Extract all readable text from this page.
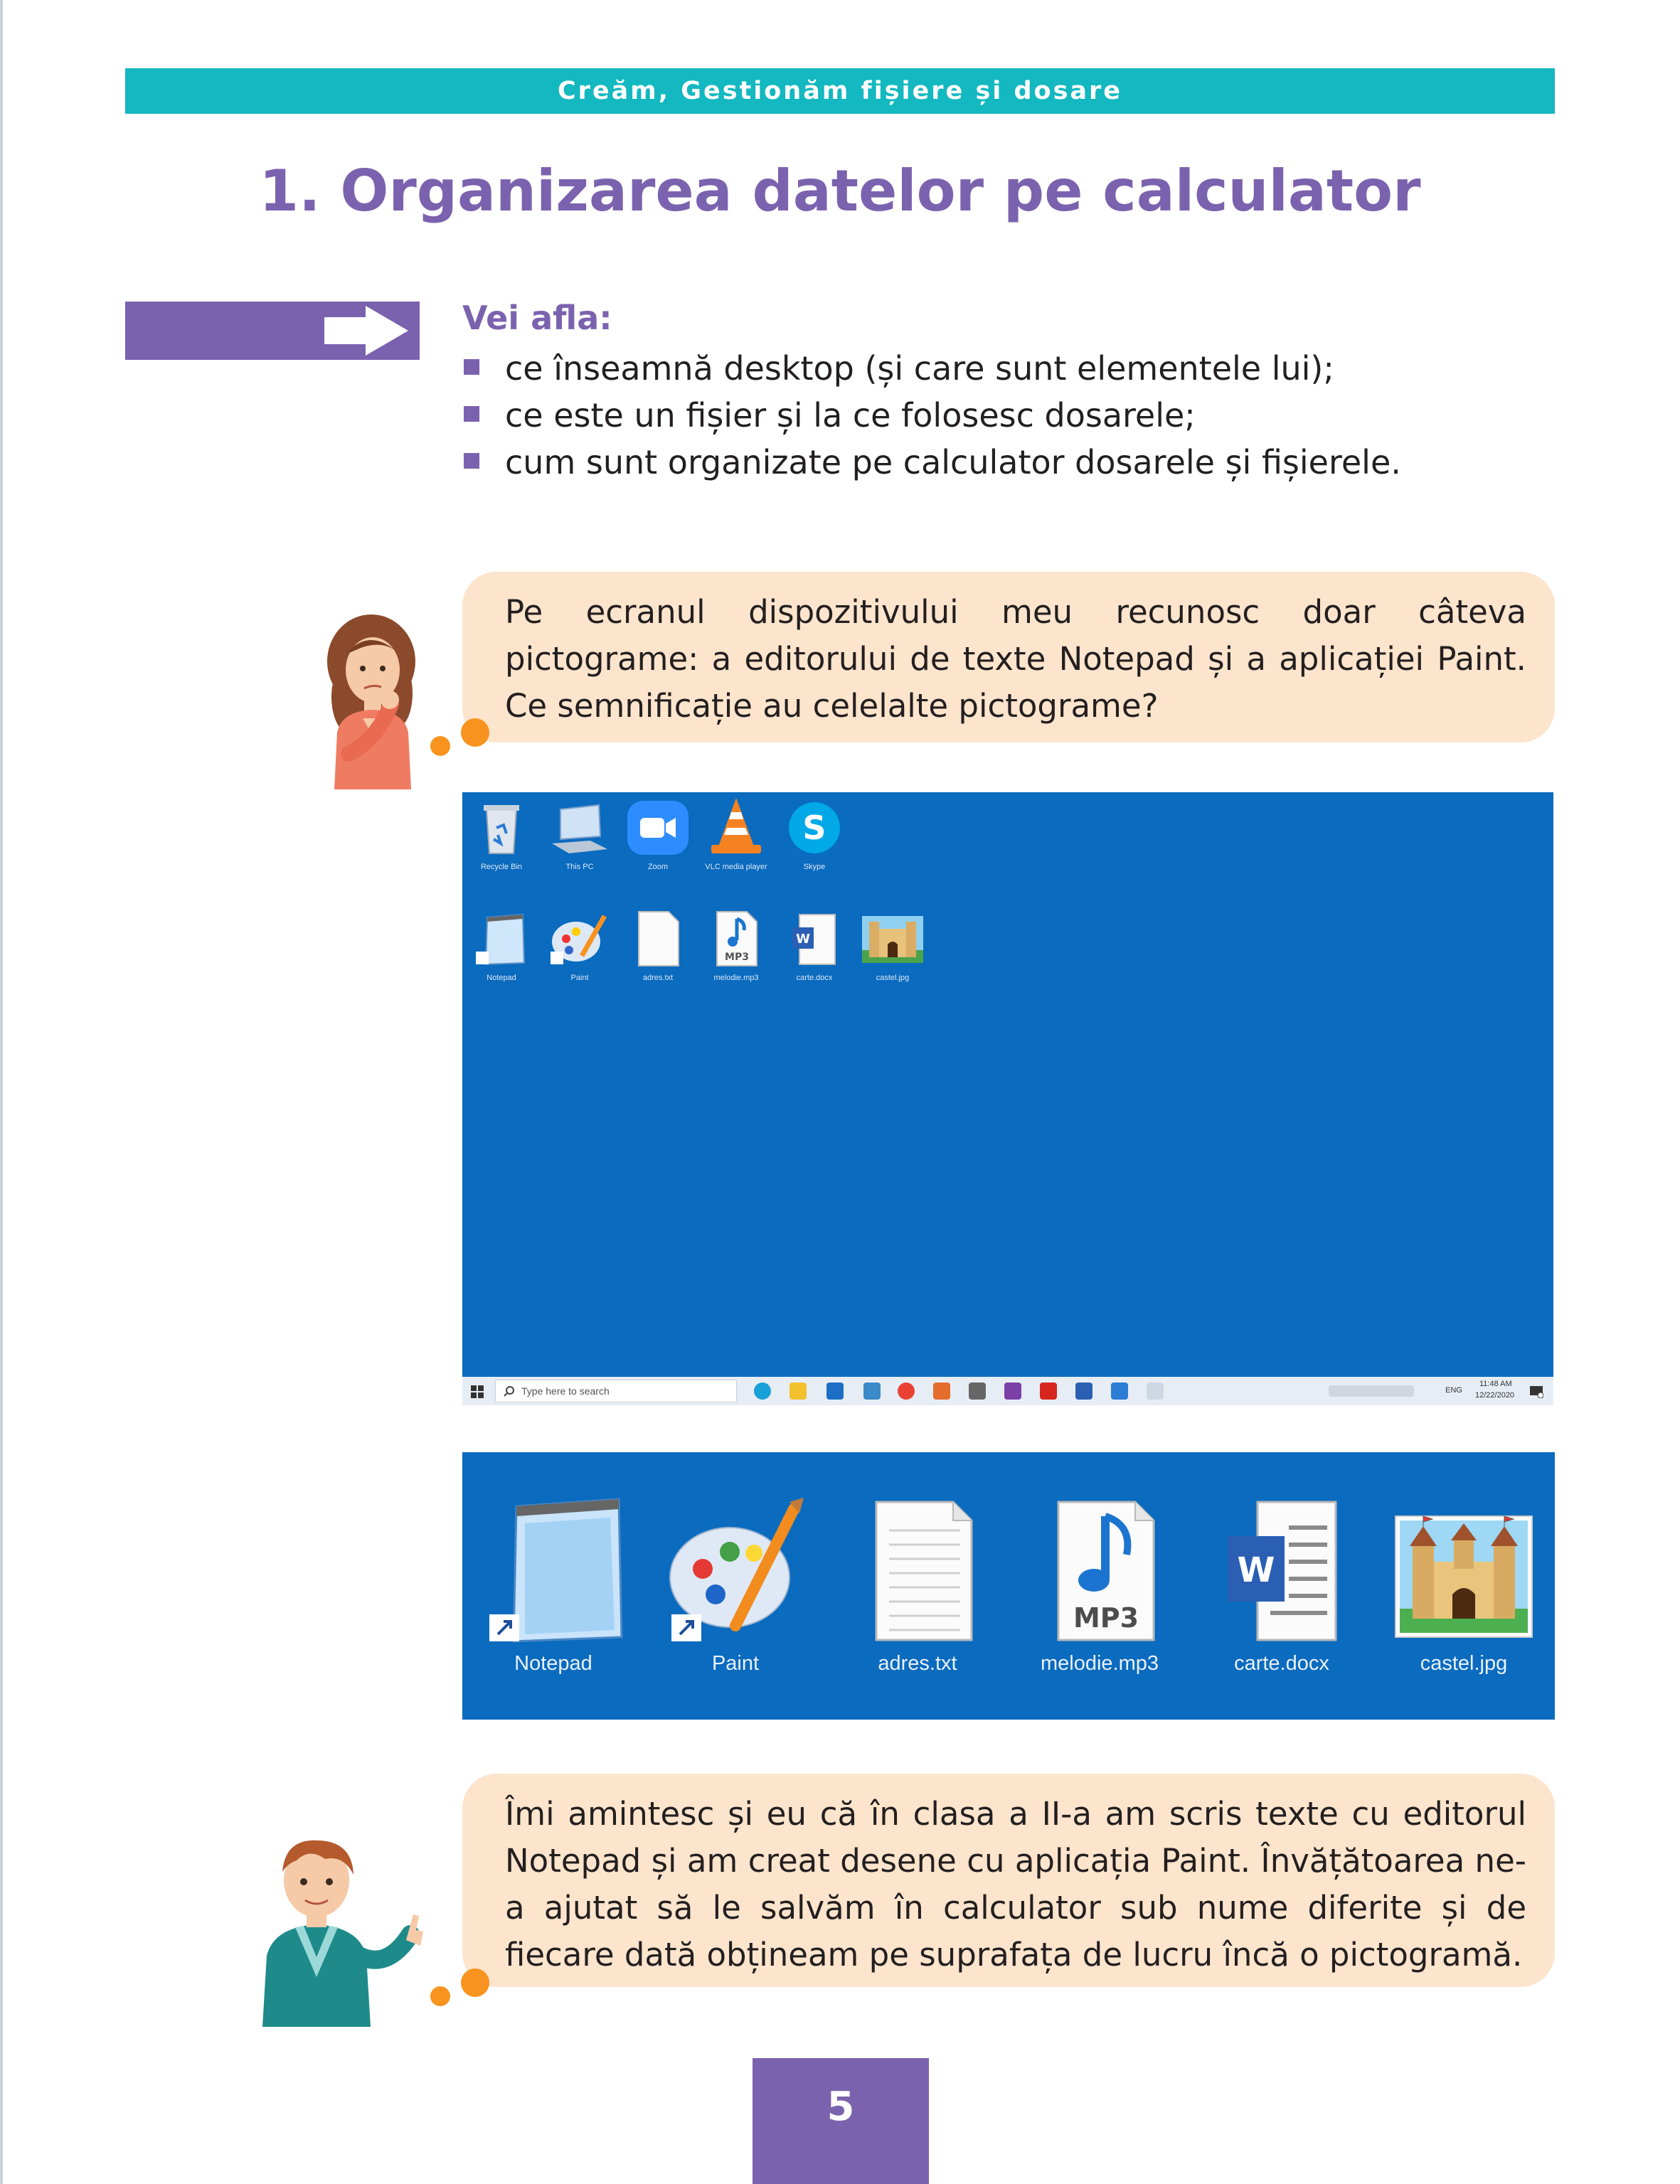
Creăm, Gestionăm fișiere și dosare
1. Organizarea datelor pe calculator
Vei afla:
ce înseamnă desktop (și care sunt elementele lui);
ce este un fișier și la ce folosesc dosarele;
cum sunt organizate pe calculator dosarele și fișierele.
Pe ecranul dispozitivului meu recunosc doar câteva pictograme: a editorului de texte Notepad și a aplicației Paint. Ce semnificație au celelalte pictograme?
Recycle Bin	This PC	Zoom	VLC media player
S
Skype
Notepad	Paint	adres.txt
MP3
melodie.mp3
W
carte.docx	castel.jpg
Type here to search	ENG
11:48 AM
12/22/2020
Notepad	Paint	adres.txt
MP3
melodie.mp3
W
carte.docx	castel.jpg
Îmi amintesc și eu că în clasa a II-a am scris texte cu editorul Notepad și am creat desene cu aplicația Paint. Învățătoarea ne-a ajutat să le salvăm în calculator sub nume diferite și de fiecare dată obțineam pe suprafața de lucru încă o pictogramă.
5
